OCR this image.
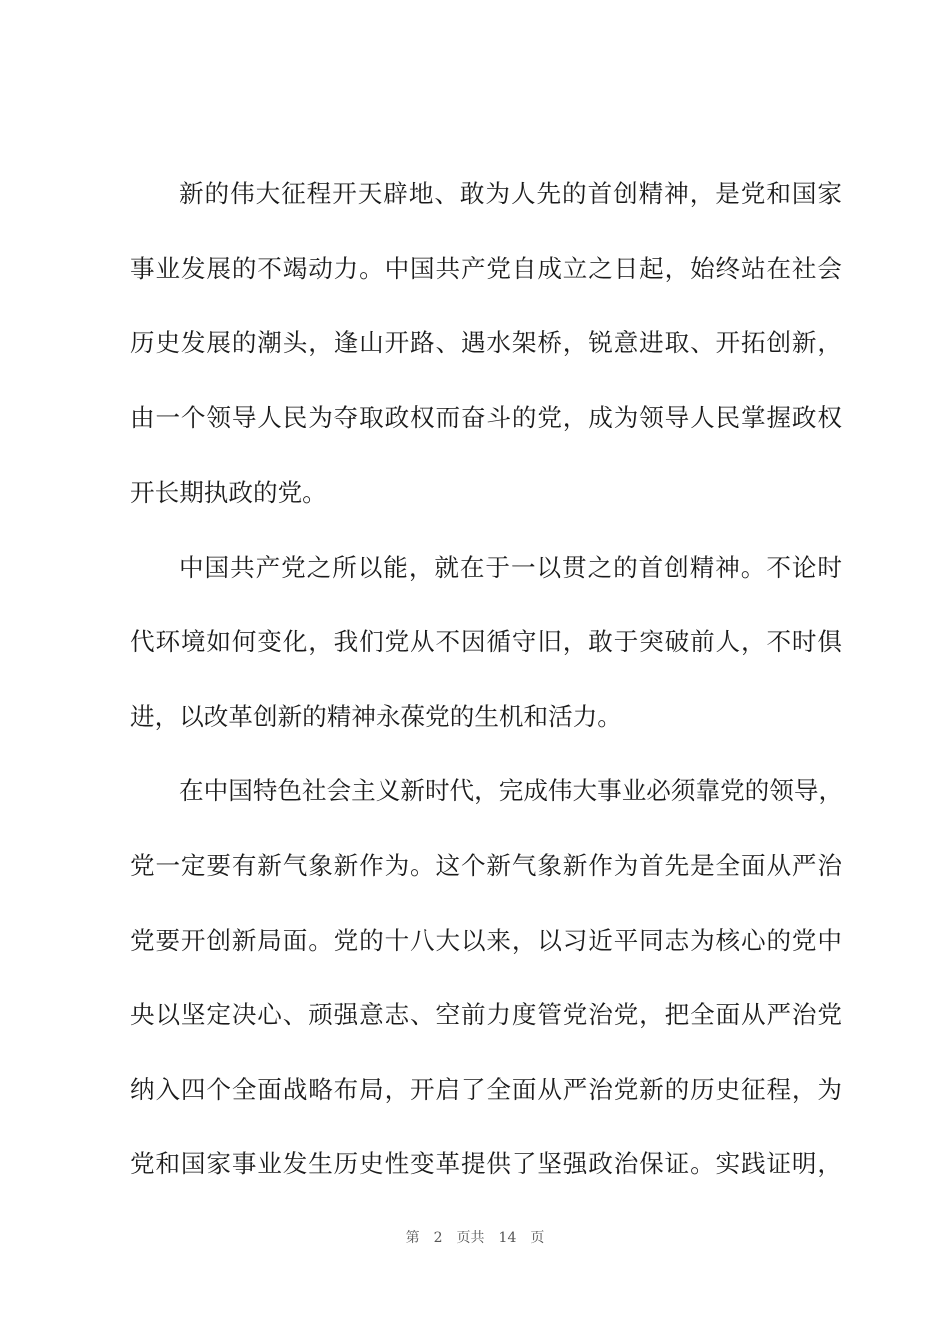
新的伟大征程开天辟地、敢为人先的首创精神，是党和国家
事业发展的不竭动力。中国共产党自成立之日起，始终站在社会
历史发展的潮头，逢山开路、遇水架桥，锐意进取、开拓创新，
由一个领导人民为夺取政权而奋斗的党，成为领导人民掌握政权
开长期执政的党。
中国共产党之所以能，就在于一以贯之的首创精神。不论时
代环境如何变化，我们党从不因循守旧，敢于突破前人，不时俱
进，以改革创新的精神永葆党的生机和活力。
在中国特色社会主义新时代，完成伟大事业必须靠党的领导，
党一定要有新气象新作为。这个新气象新作为首先是全面从严治
党要开创新局面。党的十八大以来，以习近平同志为核心的党中
央以坚定决心、顽强意志、空前力度管党治党，把全面从严治党
纳入四个全面战略布局，开启了全面从严治党新的历史征程，为
党和国家事业发生历史性变革提供了坚强政治保证。实践证明，
第 2 页共 14 页
